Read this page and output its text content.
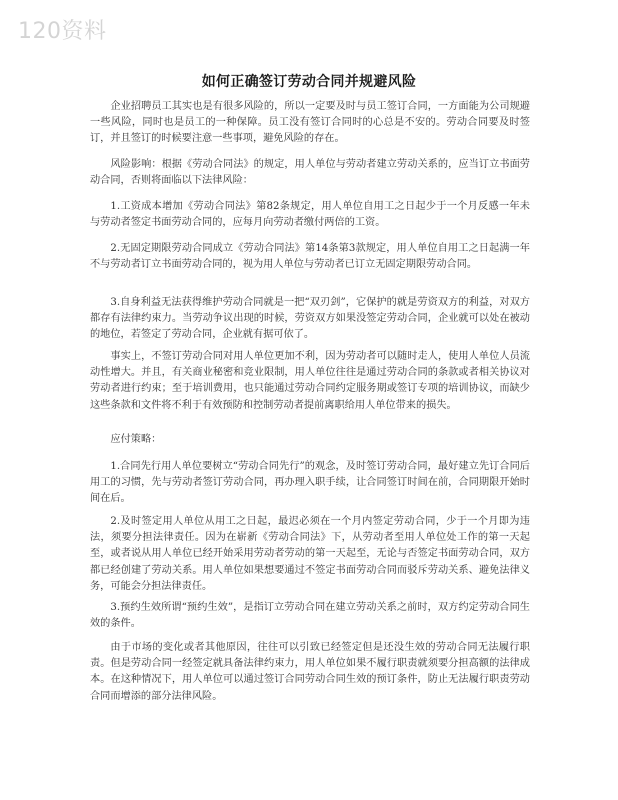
120资料
如何正确签订劳动合同并规避风险

企业招聘员工其实也是有很多风险的，所以一定要及时与员工签订合同，一方面能为公司规避一些风险，同时也是员工的一种保障。员工没有签订合同时的心总是不安的。劳动合同要及时签订，并且签订的时候要注意一些事项，避免风险的存在。

风险影响：根据《劳动合同法》的规定，用人单位与劳动者建立劳动关系的，应当订立书面劳动合同，否则将面临以下法律风险：

1.工资成本增加《劳动合同法》第82条规定，用人单位自用工之日起少于一个月反感一年未与劳动者签定书面劳动合同的，应每月向劳动者缴付两倍的工资。

2.无固定期限劳动合同成立《劳动合同法》第14条第3款规定，用人单位自用工之日起满一年不与劳动者订立书面劳动合同的，视为用人单位与劳动者已订立无固定期限劳动合同。

3.自身利益无法获得维护劳动合同就是一把“双刃剑”，它保护的就是劳资双方的利益，对双方都存有法律约束力。当劳动争议出现的时候，劳资双方如果没签定劳动合同，企业就可以处在被动的地位，若签定了劳动合同，企业就有据可依了。

事实上，不签订劳动合同对用人单位更加不利，因为劳动者可以随时走人，使用人单位人员流动性增大。并且，有关商业秘密和竞业限制，用人单位往往是通过劳动合同的条款或者相关协议对劳动者进行约束；至于培训费用，也只能通过劳动合同约定服务期或签订专项的培训协议，而缺少这些条款和文件将不利于有效预防和控制劳动者提前离职给用人单位带来的损失。

应付策略：

1.合同先行用人单位要树立“劳动合同先行”的观念，及时签订劳动合同，最好建立先订合同后用工的习惯，先与劳动者签订劳动合同，再办理入职手续，让合同签订时间在前，合同期限开始时间在后。

2.及时签定用人单位从用工之日起，最迟必须在一个月内签定劳动合同，少于一个月即为违法，须要分担法律责任。因为在崭新《劳动合同法》下，从劳动者至用人单位处工作的第一天起至，或者说从用人单位已经开始采用劳动者劳动的第一天起至，无论与否签定书面劳动合同，双方都已经创建了劳动关系。用人单位如果想要通过不签定书面劳动合同而驳斥劳动关系、避免法律义务，可能会分担法律责任。

3.预约生效所谓“预约生效”，是指订立劳动合同在建立劳动关系之前时，双方约定劳动合同生效的条件。

由于市场的变化或者其他原因，往往可以引致已经签定但是还没生效的劳动合同无法履行职责。但是劳动合同一经签定就具备法律约束力，用人单位如果不履行职责就须要分担高额的法律成本。在这种情况下，用人单位可以通过签订合同劳动合同生效的预订条件，防止无法履行职责劳动合同而增添的部分法律风险。
